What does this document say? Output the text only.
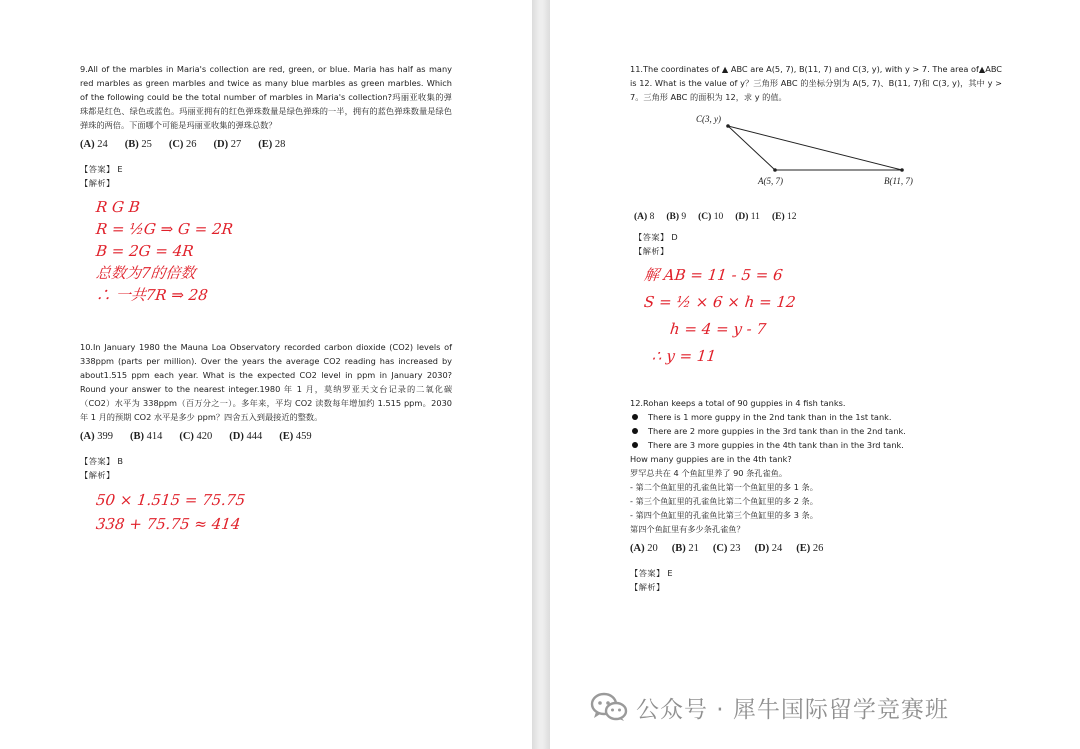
9.All of the marbles in Maria's collection are red, green, or blue. Maria has half as many red marbles as green marbles and twice as many blue marbles as green marbles. Which of the following could be the total number of marbles in Maria's collection?玛丽亚收集的弹珠都是红色、绿色或蓝色。玛丽亚拥有的红色弹珠数量是绿色弹珠的一半，拥有的蓝色弹珠数量是绿色弹珠的两倍。下面哪个可能是玛丽亚收集的弹珠总数？

(A) 24 (B) 25 (C) 26 (D) 27 (E) 28
【答案】 E
【解析】
R G B
R = ½G ⇒ G = 2R
B = 2G = 4R
总数为7的倍数
∴ 一共7R ⇒ 28

10.In January 1980 the Mauna Loa Observatory recorded carbon dioxide (CO2) levels of 338ppm (parts per million). Over the years the average CO2 reading has increased by about1.515 ppm each year. What is the expected CO2 level in ppm in January 2030? Round your answer to the nearest integer.1980 年 1 月，莫纳罗亚天文台记录的二氧化碳（CO2）水平为 338ppm（百万分之一）。多年来，平均 CO2 读数每年增加约 1.515 ppm。2030 年 1 月的预期 CO2 水平是多少 ppm？四舍五入到最接近的整数。

(A) 399 (B) 414 (C) 420 (D) 444 (E) 459
【答案】 B
【解析】
50 × 1.515 = 75.75
338 + 75.75 ≈ 414

11.The coordinates of ▲ ABC are A(5, 7), B(11, 7) and C(3, y), with y > 7. The area of▲ABC is 12. What is the value of y？三角形 ABC 的坐标分别为 A(5, 7)、B(11, 7)和 C(3, y)，其中 y > 7。三角形 ABC 的面积为 12，求 y 的值。

C(3, y)
A(5, 7)	B(11, 7)
(A) 8 (B) 9 (C) 10 (D) 11 (E) 12
【答案】 D
【解析】
解 AB = 11 - 5 = 6
S = ½ × 6 × h = 12
h = 4 = y - 7
∴ y = 11

12.Rohan keeps a total of 90 guppies in 4 fish tanks.

There is 1 more guppy in the 2nd tank than in the 1st tank.
There are 2 more guppies in the 3rd tank than in the 2nd tank.
There are 3 more guppies in the 4th tank than in the 3rd tank.

How many guppies are in the 4th tank?

罗罕总共在 4 个鱼缸里养了 90 条孔雀鱼。

- 第二个鱼缸里的孔雀鱼比第一个鱼缸里的多 1 条。

- 第三个鱼缸里的孔雀鱼比第二个鱼缸里的多 2 条。

- 第四个鱼缸里的孔雀鱼比第三个鱼缸里的多 3 条。

第四个鱼缸里有多少条孔雀鱼？

(A) 20 (B) 21 (C) 23 (D) 24 (E) 26
【答案】 E
【解析】
公众号 · 犀牛国际留学竞赛班
